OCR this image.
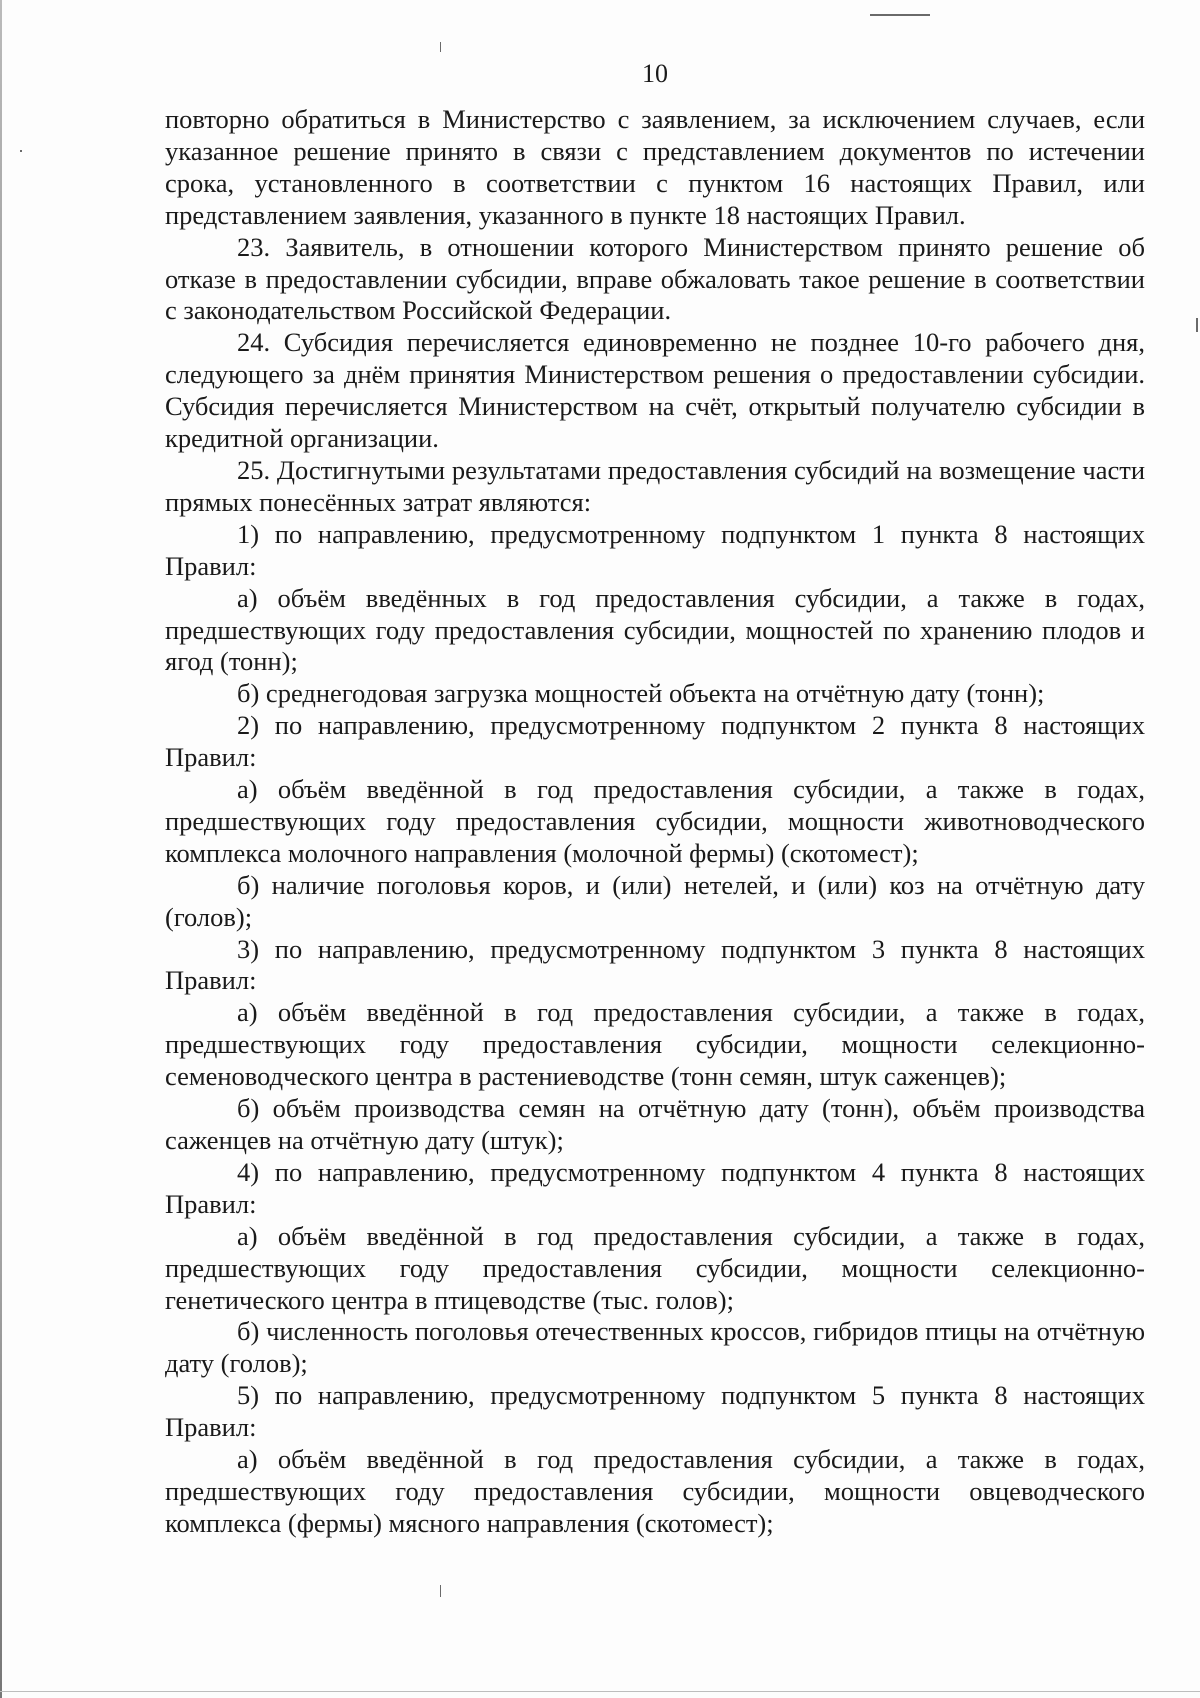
10

повторно обратиться в Министерство с заявлением, за исключением случаев, если указанное решение принято в связи с представлением документов по истечении срока, установленного в соответствии с пунктом 16 настоящих Правил, или представлением заявления, указанного в пункте 18 настоящих Правил.

23. Заявитель, в отношении которого Министерством принято решение об отказе в предоставлении субсидии, вправе обжаловать такое решение в соответствии с законодательством Российской Федерации.

24. Субсидия перечисляется единовременно не позднее 10-го рабочего дня, следующего за днём принятия Министерством решения о предоставлении субсидии. Субсидия перечисляется Министерством на счёт, открытый получателю субсидии в кредитной организации.

25. Достигнутыми результатами предоставления субсидий на возмещение части прямых понесённых затрат являются:

1) по направлению, предусмотренному подпунктом 1 пункта 8 настоящих Правил:

а) объём введённых в год предоставления субсидии, а также в годах, предшествующих году предоставления субсидии, мощностей по хранению плодов и ягод (тонн);

б) среднегодовая загрузка мощностей объекта на отчётную дату (тонн);

2) по направлению, предусмотренному подпунктом 2 пункта 8 настоящих Правил:

а) объём введённой в год предоставления субсидии, а также в годах, предшествующих году предоставления субсидии, мощности животноводческого комплекса молочного направления (молочной фермы) (скотомест);

б) наличие поголовья коров, и (или) нетелей, и (или) коз на отчётную дату (голов);

3) по направлению, предусмотренному подпунктом 3 пункта 8 настоящих Правил:

а) объём введённой в год предоставления субсидии, а также в годах, предшествующих году предоставления субсидии, мощности селекционно-семеноводческого центра в растениеводстве (тонн семян, штук саженцев);

б) объём производства семян на отчётную дату (тонн), объём производства саженцев на отчётную дату (штук);

4) по направлению, предусмотренному подпунктом 4 пункта 8 настоящих Правил:

а) объём введённой в год предоставления субсидии, а также в годах, предшествующих году предоставления субсидии, мощности селекционно-генетического центра в птицеводстве (тыс. голов);

б) численность поголовья отечественных кроссов, гибридов птицы на отчётную дату (голов);

5) по направлению, предусмотренному подпунктом 5 пункта 8 настоящих Правил:

а) объём введённой в год предоставления субсидии, а также в годах, предшествующих году предоставления субсидии, мощности овцеводческого комплекса (фермы) мясного направления (скотомест);
